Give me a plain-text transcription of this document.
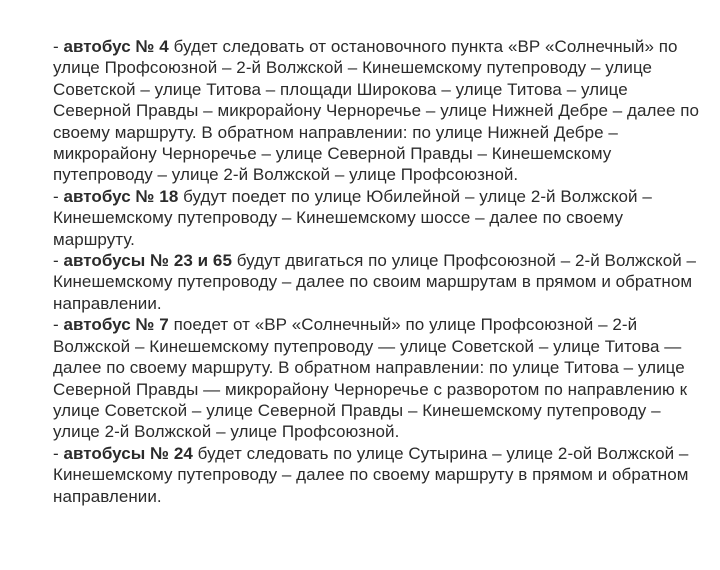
- автобус № 4 будет следовать от остановочного пункта «ВР «Солнечный» по улице Профсоюзной – 2-й Волжской – Кинешемскому путепроводу – улице Советской – улице Титова – площади Широкова – улице Титова – улице Северной Правды – микрорайону Черноречье – улице Нижней Дебре – далее по своему маршруту. В обратном направлении: по улице Нижней Дебре – микрорайону Черноречье – улице Северной Правды – Кинешемскому путепроводу – улице 2-й Волжской – улице Профсоюзной.

- автобус № 18 будут поедет по улице Юбилейной – улице 2-й Волжской – Кинешемскому путепроводу – Кинешемскому шоссе – далее по своему маршруту.

- автобусы № 23 и 65 будут двигаться по улице Профсоюзной – 2-й Волжской – Кинешемскому путепроводу – далее по своим маршрутам в прямом и обратном направлении.

- автобус № 7 поедет от «ВР «Солнечный» по улице Профсоюзной – 2-й Волжской – Кинешемскому путепроводу — улице Советской – улице Титова — далее по своему маршруту. В обратном направлении: по улице Титова – улице Северной Правды — микрорайону Черноречье с разворотом по направлению к улице Советской – улице Северной Правды – Кинешемскому путепроводу – улице 2-й Волжской – улице Профсоюзной.

- автобусы № 24 будет следовать по улице Сутырина – улице 2-ой Волжской – Кинешемскому путепроводу – далее по своему маршруту в прямом и обратном направлении.
